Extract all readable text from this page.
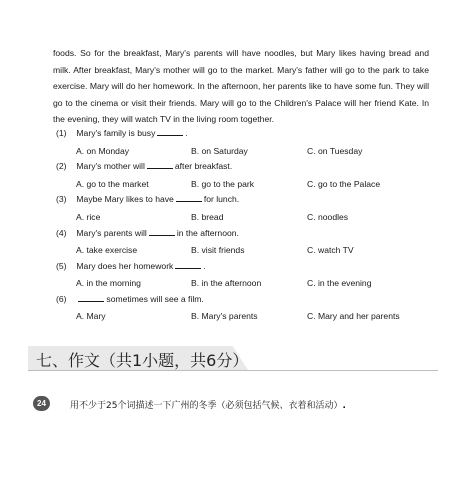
foods. So for the breakfast, Mary's parents will have noodles, but Mary likes having bread and milk. After breakfast, Mary's mother will go to the market. Mary's father will go to the park to take exercise. Mary will do her homework. In the afternoon, her parents like to have some fun. They will go to the cinema or visit their friends. Mary will go to the Children's Palace will her friend Kate. In the evening, they will watch TV in the living room together.
(1) Mary's family is busy	.
A. on Monday	B. on Saturday	C. on Tuesday
(2) Mary's mother will	after breakfast.
A. go to the market	B. go to the park	C. go to the Palace
(3) Maybe Mary likes to have	for lunch.
A. rice	B. bread	C. noodles
(4) Mary's parents will	in the afternoon.
A. take exercise	B. visit friends	C. watch TV
(5) Mary does her homework	.
A. in the morning	B. in the afternoon	C. in the evening
(6)	sometimes will see a film.
A. Mary	B. Mary's parents	C. Mary and her parents
七、作文（共1小题，共6分）
24	用不少于25个词描述一下广州的冬季（必须包括气候、衣着和活动）.
